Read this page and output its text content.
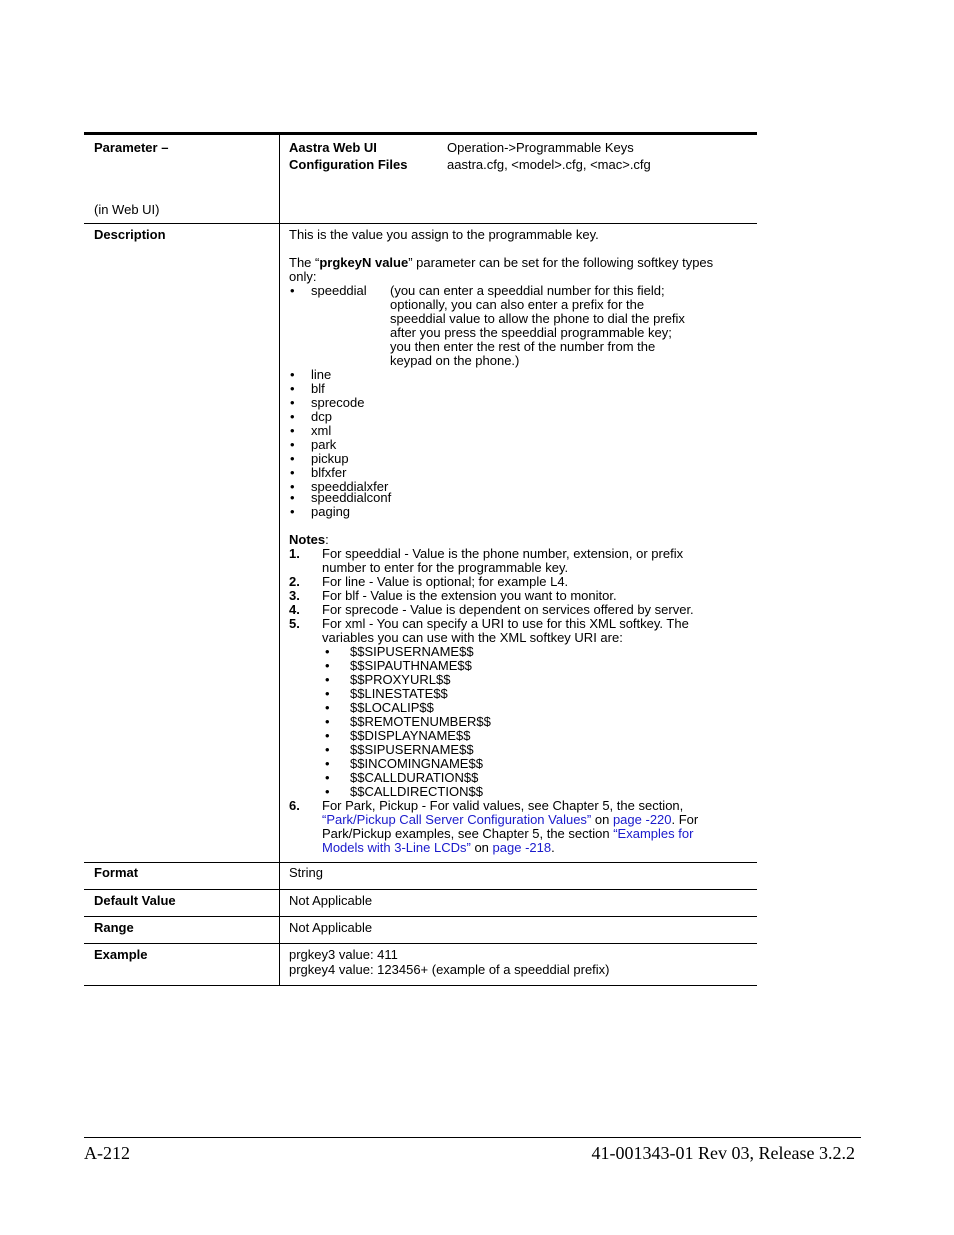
Parameter –
(in Web UI)
Aastra Web UI	Operation->Programmable Keys
Configuration Files	aastra.cfg, <model>.cfg, <mac>.cfg
Description	This is the value you assign to the programmable key.
The “prgkeyN value” parameter can be set for the following softkey types only:
• speeddial (you can enter a speeddial number for this field;
optionally, you can also enter a prefix for the
speeddial value to allow the phone to dial the prefix
after you press the speeddial programmable key;
you then enter the rest of the number from the
keypad on the phone.)
• line
• blf
• sprecode
• dcp
• xml
• park
• pickup
• blfxfer
• speeddialxfer
• speeddialconf
• paging
Notes:
1. For speeddial - Value is the phone number, extension, or prefix number to enter for the programmable key.
2. For line - Value is optional; for example L4.
3. For blf - Value is the extension you want to monitor.
4. For sprecode - Value is dependent on services offered by server.
5. For xml - You can specify a URI to use for this XML softkey. The variables you can use with the XML softkey URI are:
• $$SIPUSERNAME$$
• $$SIPAUTHNAME$$
• $$PROXYURL$$
• $$LINESTATE$$
• $$LOCALIP$$
• $$REMOTENUMBER$$
• $$DISPLAYNAME$$
• $$SIPUSERNAME$$
• $$INCOMINGNAME$$
• $$CALLDURATION$$
• $$CALLDIRECTION$$
6. For Park, Pickup - For valid values, see Chapter 5, the section, “Park/Pickup Call Server Configuration Values” on page -220. For Park/Pickup examples, see Chapter 5, the section “Examples for Models with 3-Line LCDs” on page -218.
Format	String
Default Value	Not Applicable
Range	Not Applicable
Example	prgkey3 value: 411
prgkey4 value: 123456+ (example of a speeddial prefix)
A-212	41-001343-01 Rev 03, Release 3.2.2
